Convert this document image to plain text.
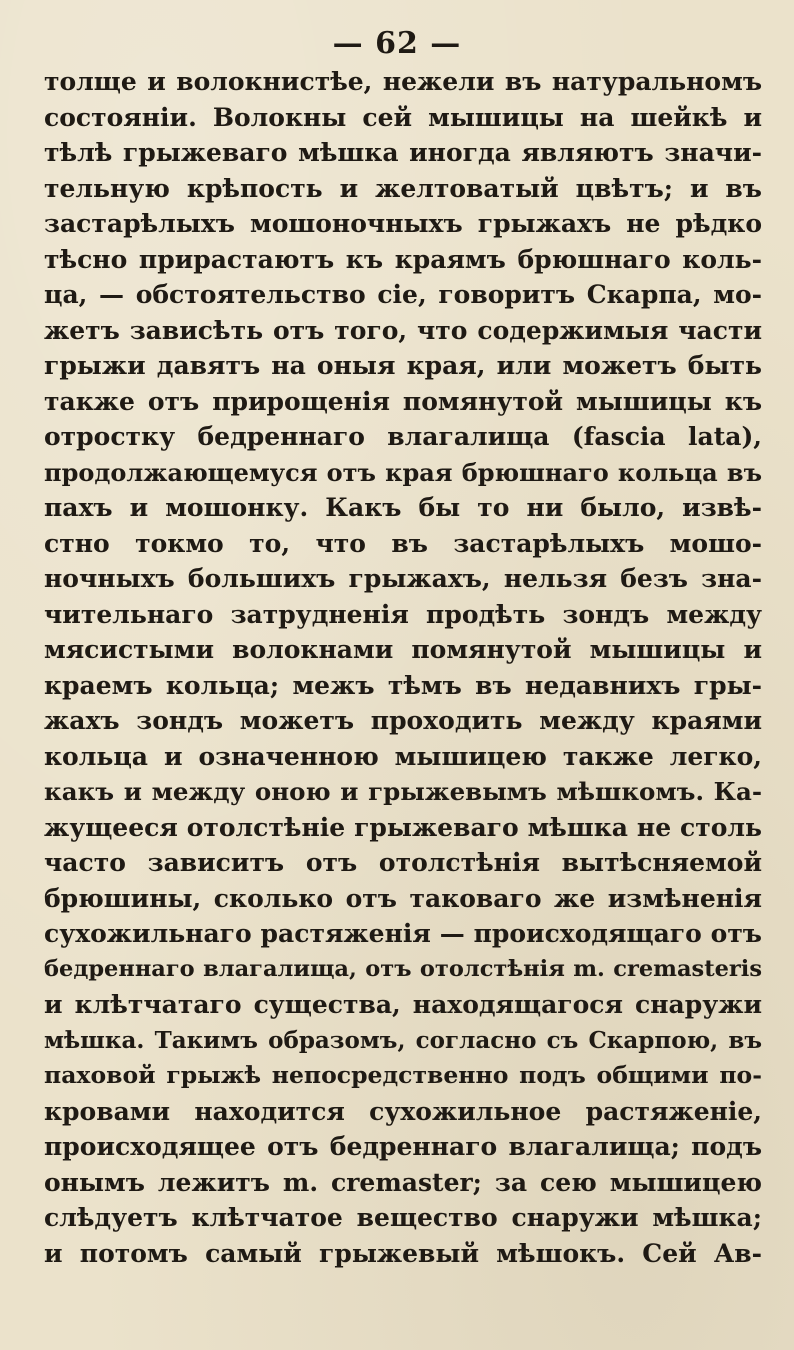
— 62 —
толще и волокнистѣе, нежели въ натуральномъ
состояніи. Волокны сей мышицы на шейкѣ и
тѣлѣ грыжеваго мѣшка иногда являютъ значи-
тельную крѣпость и желтоватый цвѣтъ; и въ
застарѣлыхъ мошоночныхъ грыжахъ не рѣдко
тѣсно прирастаютъ къ краямъ брюшнаго коль-
ца, — обстоятельство сіе, говоритъ Скарпа, мо-
жетъ зависѣть отъ того, что содержимыя части
грыжи давятъ на оныя края, или можетъ быть
также отъ прирощенія помянутой мышицы къ
отростку бедреннаго влагалища (fascia lata),
продолжающемуся отъ края брюшнаго кольца въ
пахъ и мошонку. Какъ бы то ни было, извѣ-
стно токмо то, что въ застарѣлыхъ мошо-
ночныхъ большихъ грыжахъ, нельзя безъ зна-
чительнаго затрудненія продѣть зондъ между
мясистыми волокнами помянутой мышицы и
краемъ кольца; межъ тѣмъ въ недавнихъ гры-
жахъ зондъ можетъ проходить между краями
кольца и означенною мышицею также легко,
какъ и между оною и грыжевымъ мѣшкомъ. Ка-
жущееся отолстѣніе грыжеваго мѣшка не столь
часто зависитъ отъ отолстѣнія вытѣсняемой
брюшины, сколько отъ таковаго же измѣненія
сухожильнаго растяженія — происходящаго отъ
бедреннаго влагалища, отъ отолстѣнія m. cremasteris
и клѣтчатаго существа, находящагося снаружи
мѣшка. Такимъ образомъ, согласно съ Скарпою, въ
паховой грыжѣ непосредственно подъ общими по-
кровами находится сухожильное растяженіе,
происходящее отъ бедреннаго влагалища; подъ
онымъ лежитъ m. cremaster; за сею мышицею
слѣдуетъ клѣтчатое вещество снаружи мѣшка;
и потомъ самый грыжевый мѣшокъ. Сей Ав-
